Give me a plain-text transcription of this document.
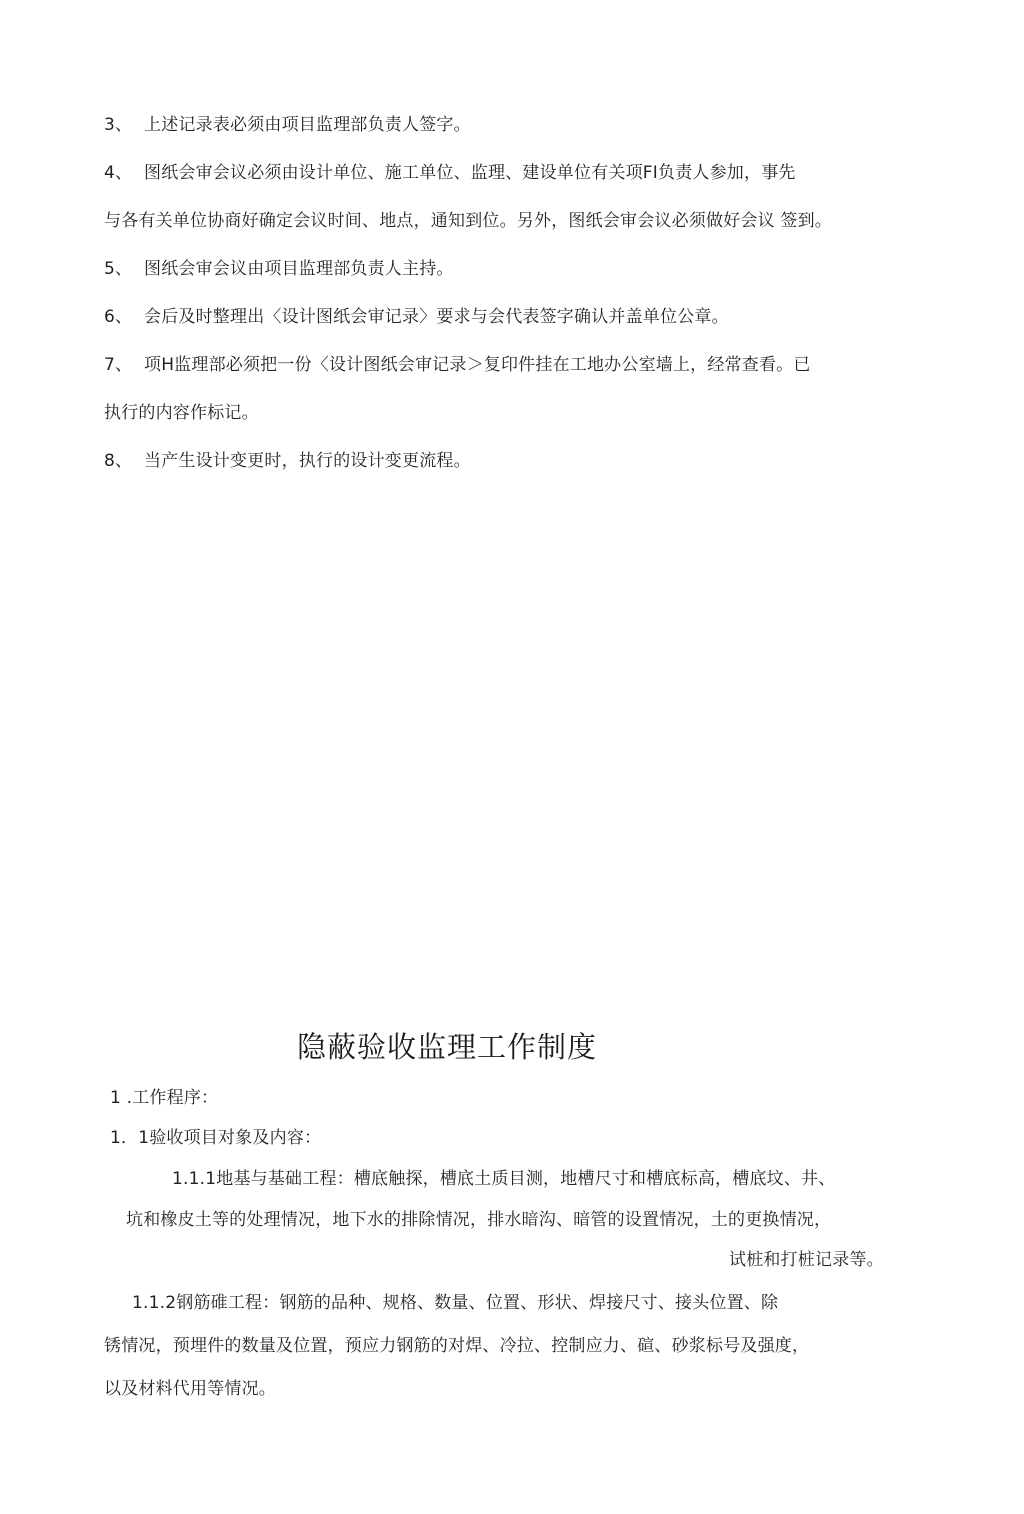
3、 上述记录表必须由项目监理部负责人签字。
4、 图纸会审会议必须由设计单位、施工单位、监理、建设单位有关项FI负责人参加，事先
与各有关单位协商好确定会议时间、地点，通知到位。另外，图纸会审会议必须做好会议 签到。
5、 图纸会审会议由项目监理部负责人主持。
6、 会后及时整理出〈设计图纸会审记录〉要求与会代表签字确认并盖单位公章。
7、 项H监理部必须把一份〈设计图纸会审记录＞复印件挂在工地办公室墙上，经常查看。已
执行的内容作标记。
8、 当产生设计变更时，执行的设计变更流程。
隐蔽验收监理工作制度
1 .工作程序：
1．1验收项目对象及内容：
1.1.1地基与基础工程：槽底触探，槽底土质目测，地槽尺寸和槽底标高，槽底坟、井、
坑和橡皮土等的处理情况，地下水的排除情况，排水暗沟、暗管的设置情况，土的更换情况，
试桩和打桩记录等。
1.1.2钢筋碓工程：钢筋的品种、规格、数量、位置、形状、焊接尺寸、接头位置、除
锈情况，预埋件的数量及位置，预应力钢筋的对焊、冷拉、控制应力、碹、砂浆标号及强度，
以及材料代用等情况。
